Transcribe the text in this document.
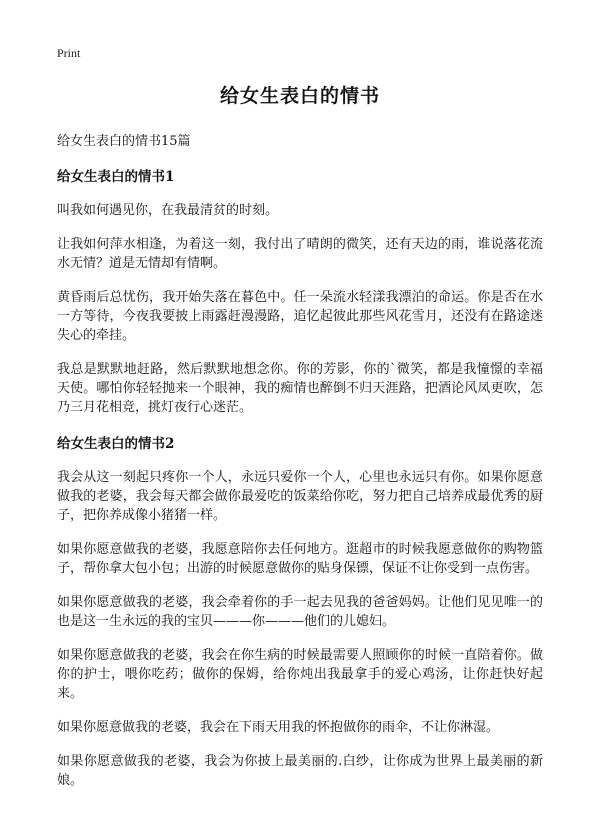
Print
给女生表白的情书
给女生表白的情书15篇
给女生表白的情书1

叫我如何遇见你，在我最清贫的时刻。

让我如何萍水相逢，为着这一刻，我付出了晴朗的微笑，还有天边的雨，谁说落花流水无情？道是无情却有情啊。

黄昏雨后总忧伤，我开始失落在暮色中。任一朵流水轻漾我漂泊的命运。你是否在水一方等待，今夜我要披上雨露赶漫漫路，追忆起彼此那些风花雪月，还没有在路途迷失心的牵挂。

我总是默默地赶路，然后默默地想念你。你的芳影，你的`微笑，都是我憧憬的幸福天使。哪怕你轻轻抛来一个眼神，我的痴情也醉倒不归天涯路，把酒论风凤更吹，怎乃三月花相竞，挑灯夜行心迷茫。

给女生表白的情书2

我会从这一刻起只疼你一个人，永远只爱你一个人，心里也永远只有你。如果你愿意做我的老婆，我会每天都会做你最爱吃的饭菜给你吃，努力把自己培养成最优秀的厨子，把你养成像小猪猪一样。

如果你愿意做我的老婆，我愿意陪你去任何地方。逛超市的时候我愿意做你的购物篮子，帮你拿大包小包；出游的时候愿意做你的贴身保镖，保证不让你受到一点伤害。

如果你愿意做我的老婆，我会牵着你的手一起去见我的爸爸妈妈。让他们见见唯一的也是这一生永远的我的宝贝———你———他们的儿媳妇。

如果你愿意做我的老婆，我会在你生病的时候最需要人照顾你的时候一直陪着你。做你的护士，喂你吃药；做你的保姆，给你炖出我最拿手的爱心鸡汤，让你赶快好起来。

如果你愿意做我的老婆，我会在下雨天用我的怀抱做你的雨伞，不让你淋湿。

如果你愿意做我的老婆，我会为你披上最美丽的.白纱，让你成为世界上最美丽的新娘。
